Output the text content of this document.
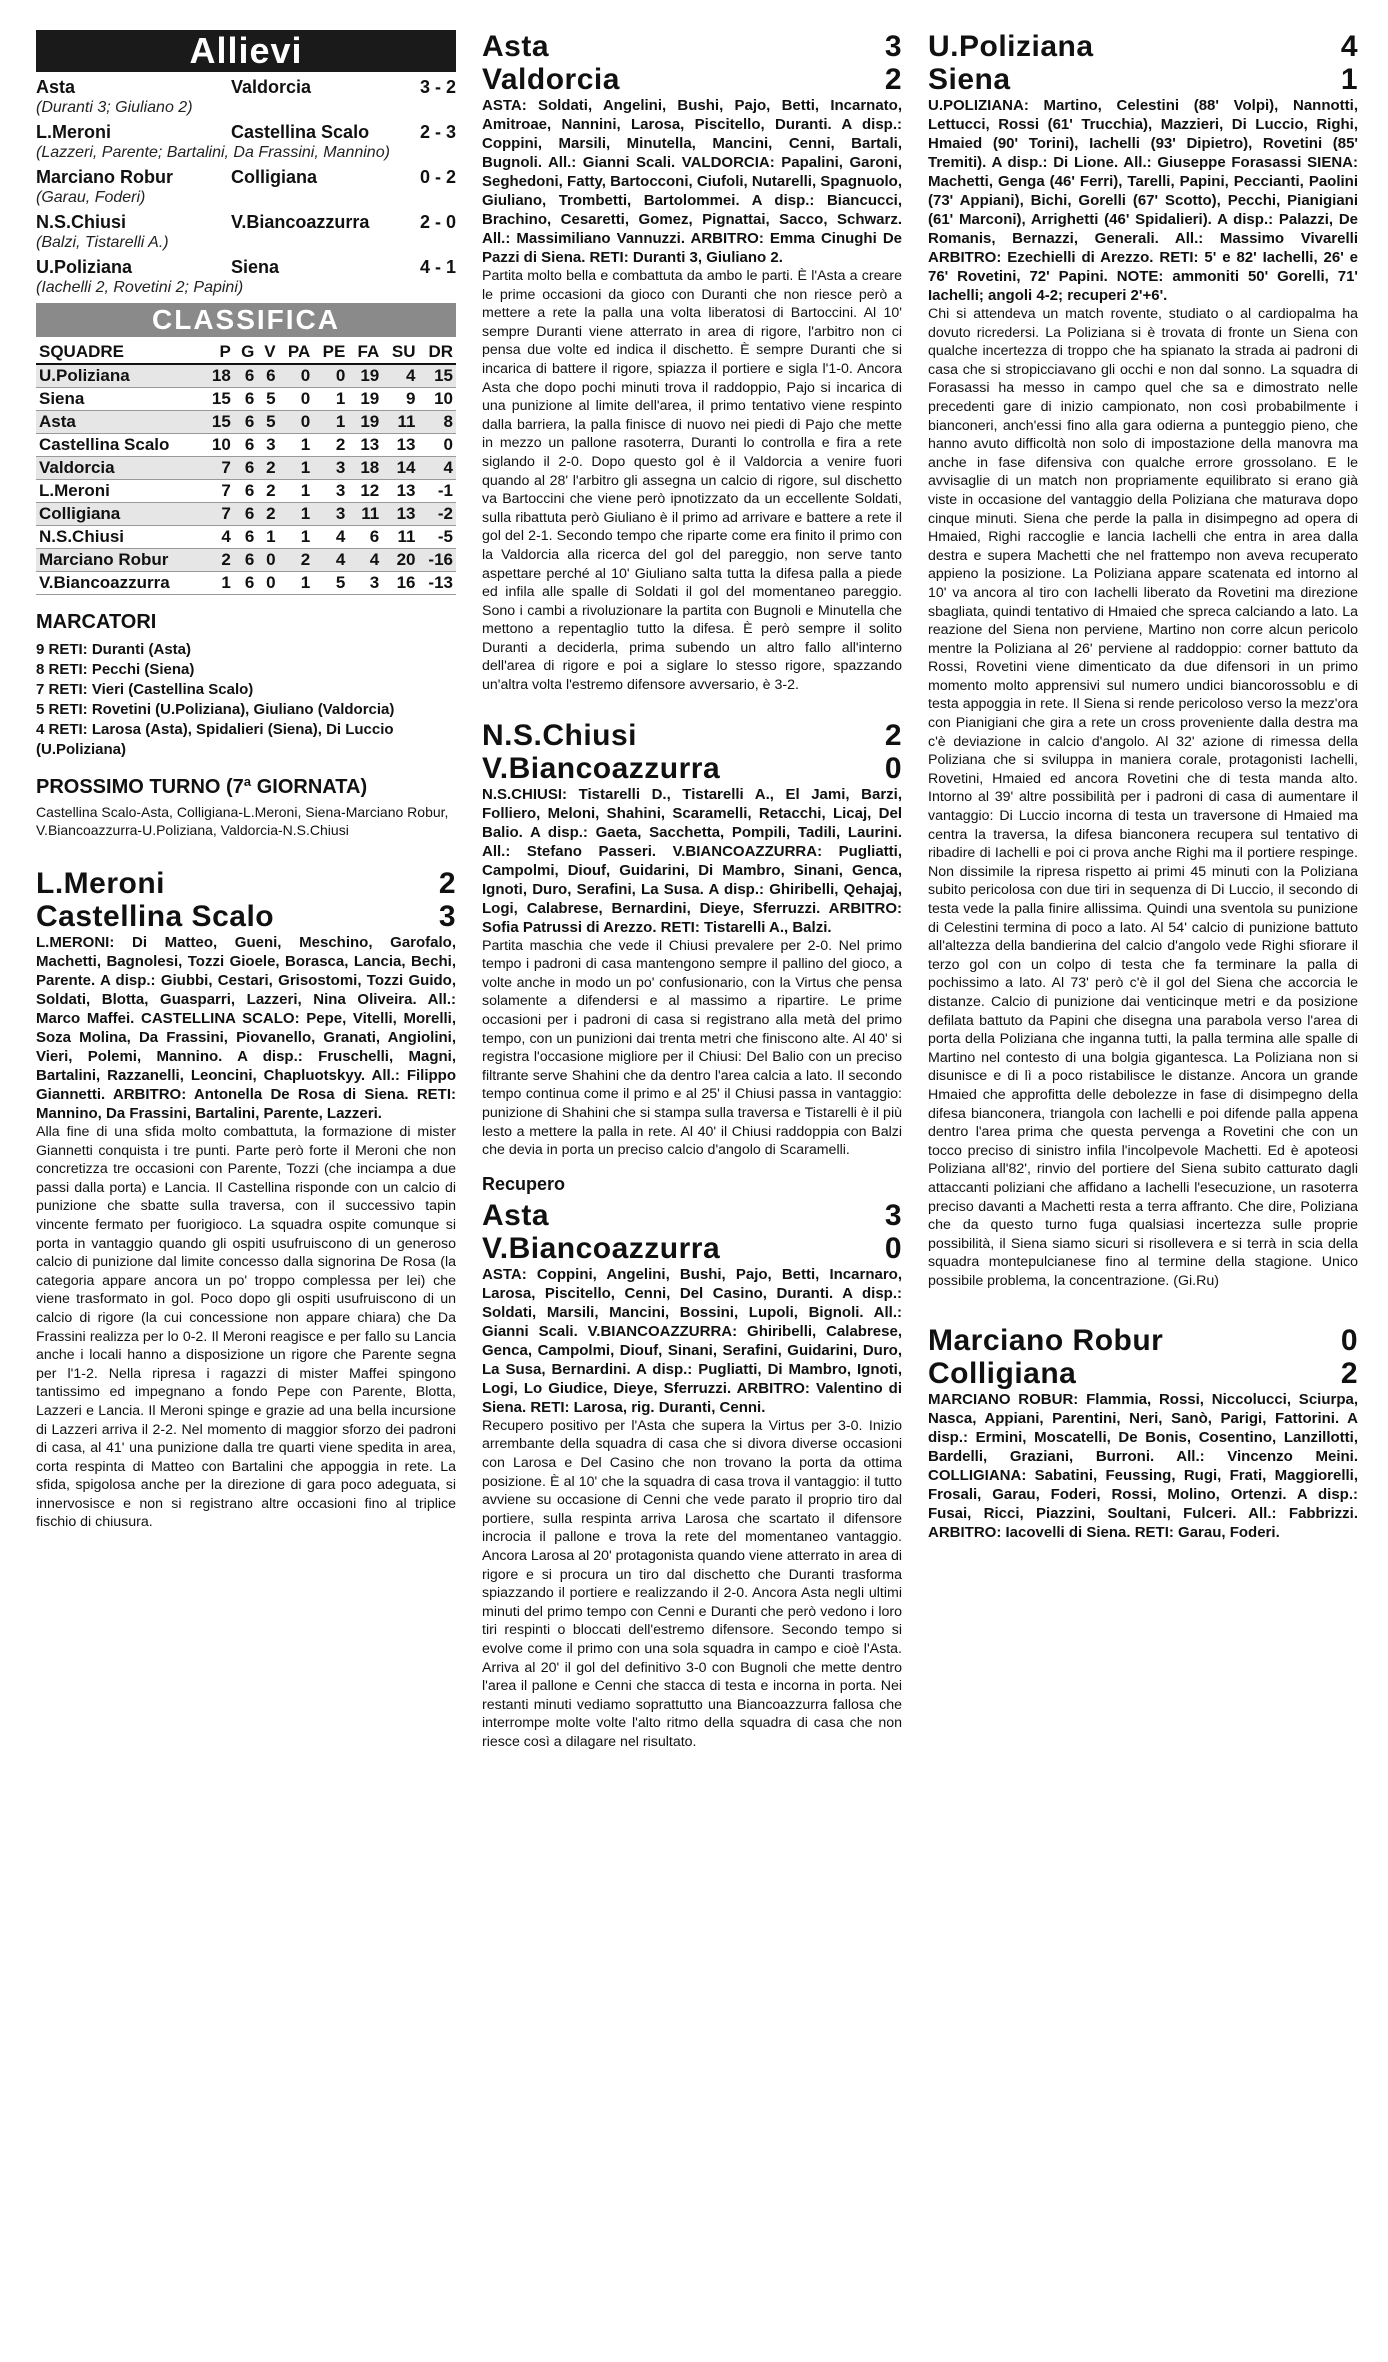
Allievi
Asta	Valdorcia	3 - 2
(Duranti 3; Giuliano 2)
L.Meroni	Castellina Scalo	2 - 3
(Lazzeri, Parente; Bartalini, Da Frassini, Mannino)
Marciano Robur	Colligiana	0 - 2
(Garau, Foderi)
N.S.Chiusi	V.Biancoazzurra	2 - 0
(Balzi, Tistarelli A.)
U.Poliziana	Siena	4 - 1
(Iachelli 2, Rovetini 2; Papini)
CLASSIFICA
SQUADRE	P	G	V	PA	PE	FA	SU	DR
U.Poliziana	18	6	6	0	0	19	4	15
Siena	15	6	5	0	1	19	9	10
Asta	15	6	5	0	1	19	11	8
Castellina Scalo	10	6	3	1	2	13	13	0
Valdorcia	7	6	2	1	3	18	14	4
L.Meroni	7	6	2	1	3	12	13	-1
Colligiana	7	6	2	1	3	11	13	-2
N.S.Chiusi	4	6	1	1	4	6	11	-5
Marciano Robur	2	6	0	2	4	4	20	-16
V.Biancoazzurra	1	6	0	1	5	3	16	-13
MARCATORI
9 RETI: Duranti (Asta)
8 RETI: Pecchi (Siena)
7 RETI: Vieri (Castellina Scalo)
5 RETI: Rovetini (U.Poliziana), Giuliano (Valdorcia)
4 RETI: Larosa (Asta), Spidalieri (Siena), Di Luccio (U.Poliziana)
PROSSIMO TURNO (7ª GIORNATA)
Castellina Scalo-Asta, Colligiana-L.Meroni, Siena-Marciano Robur, V.Biancoazzurra-U.Poliziana, Valdorcia-N.S.Chiusi
L.Meroni	2
Castellina Scalo	3
L.MERONI: Di Matteo, Gueni, Meschino, Garofalo, Machetti, Bagnolesi, Tozzi Gioele, Borasca, Lancia, Bechi, Parente. A disp.: Giubbi, Cestari, Grisostomi, Tozzi Guido, Soldati, Blotta, Guasparri, Lazzeri, Nina Oliveira. All.: Marco Maffei. CASTELLINA SCALO: Pepe, Vitelli, Morelli, Soza Molina, Da Frassini, Piovanello, Granati, Angiolini, Vieri, Polemi, Mannino. A disp.: Fruschelli, Magni, Bartalini, Razzanelli, Leoncini, Chapluotskyy. All.: Filippo Giannetti. ARBITRO: Antonella De Rosa di Siena. RETI: Mannino, Da Frassini, Bartalini, Parente, Lazzeri.
Alla fine di una sfida molto combattuta, la formazione di mister Giannetti conquista i tre punti. Parte però forte il Meroni che non concretizza tre occasioni con Parente, Tozzi (che inciampa a due passi dalla porta) e Lancia. Il Castellina risponde con un calcio di punizione che sbatte sulla traversa, con il successivo tapin vincente fermato per fuorigioco. La squadra ospite comunque si porta in vantaggio quando gli ospiti usufruiscono di un generoso calcio di punizione dal limite concesso dalla signorina De Rosa (la categoria appare ancora un po' troppo complessa per lei) che viene trasformato in gol. Poco dopo gli ospiti usufruiscono di un calcio di rigore (la cui concessione non appare chiara) che Da Frassini realizza per lo 0-2. Il Meroni reagisce e per fallo su Lancia anche i locali hanno a disposizione un rigore che Parente segna per l'1-2. Nella ripresa i ragazzi di mister Maffei spingono tantissimo ed impegnano a fondo Pepe con Parente, Blotta, Lazzeri e Lancia. Il Meroni spinge e grazie ad una bella incursione di Lazzeri arriva il 2-2. Nel momento di maggior sforzo dei padroni di casa, al 41' una punizione dalla tre quarti viene spedita in area, corta respinta di Matteo con Bartalini che appoggia in rete. La sfida, spigolosa anche per la direzione di gara poco adeguata, si innervosisce e non si registrano altre occasioni fino al triplice fischio di chiusura.
Asta	3
Valdorcia	2
ASTA: Soldati, Angelini, Bushi, Pajo, Betti, Incarnato, Amitroae, Nannini, Larosa, Piscitello, Duranti. A disp.: Coppini, Marsili, Minutella, Mancini, Cenni, Bartali, Bugnoli. All.: Gianni Scali. VALDORCIA: Papalini, Garoni, Seghedoni, Fatty, Bartocconi, Ciufoli, Nutarelli, Spagnuolo, Giuliano, Trombetti, Bartolommei. A disp.: Biancucci, Brachino, Cesaretti, Gomez, Pignattai, Sacco, Schwarz. All.: Massimiliano Vannuzzi. ARBITRO: Emma Cinughi De Pazzi di Siena. RETI: Duranti 3, Giuliano 2.
Partita molto bella e combattuta da ambo le parti. È l'Asta a creare le prime occasioni da gioco con Duranti che non riesce però a mettere a rete la palla una volta liberatosi di Bartoccini. Al 10' sempre Duranti viene atterrato in area di rigore, l'arbitro non ci pensa due volte ed indica il dischetto. È sempre Duranti che si incarica di battere il rigore, spiazza il portiere e sigla l'1-0. Ancora Asta che dopo pochi minuti trova il raddoppio, Pajo si incarica di una punizione al limite dell'area, il primo tentativo viene respinto dalla barriera, la palla finisce di nuovo nei piedi di Pajo che mette in mezzo un pallone rasoterra, Duranti lo controlla e fira a rete siglando il 2-0. Dopo questo gol è il Valdorcia a venire fuori quando al 28' l'arbitro gli assegna un calcio di rigore, sul dischetto va Bartoccini che viene però ipnotizzato da un eccellente Soldati, sulla ribattuta però Giuliano è il primo ad arrivare e battere a rete il gol del 2-1. Secondo tempo che riparte come era finito il primo con la Valdorcia alla ricerca del gol del pareggio, non serve tanto aspettare perché al 10' Giuliano salta tutta la difesa palla a piede ed infila alle spalle di Soldati il gol del momentaneo pareggio. Sono i cambi a rivoluzionare la partita con Bugnoli e Minutella che mettono a repentaglio tutto la difesa. È però sempre il solito Duranti a deciderla, prima subendo un altro fallo all'interno dell'area di rigore e poi a siglare lo stesso rigore, spazzando un'altra volta l'estremo difensore avversario, è 3-2.
N.S.Chiusi	2
V.Biancoazzurra	0
N.S.CHIUSI: Tistarelli D., Tistarelli A., El Jami, Barzi, Folliero, Meloni, Shahini, Scaramelli, Retacchi, Licaj, Del Balio. A disp.: Gaeta, Sacchetta, Pompili, Tadili, Laurini. All.: Stefano Passeri. V.BIANCOAZZURRA: Pugliatti, Campolmi, Diouf, Guidarini, Di Mambro, Sinani, Genca, Ignoti, Duro, Serafini, La Susa. A disp.: Ghiribelli, Qehajaj, Logi, Calabrese, Bernardini, Dieye, Sferruzzi. ARBITRO: Sofia Patrussi di Arezzo. RETI: Tistarelli A., Balzi.
Partita maschia che vede il Chiusi prevalere per 2-0. Nel primo tempo i padroni di casa mantengono sempre il pallino del gioco, a volte anche in modo un po' confusionario, con la Virtus che pensa solamente a difendersi e al massimo a ripartire. Le prime occasioni per i padroni di casa si registrano alla metà del primo tempo, con un punizioni dai trenta metri che finiscono alte. Al 40' si registra l'occasione migliore per il Chiusi: Del Balio con un preciso filtrante serve Shahini che da dentro l'area calcia a lato. Il secondo tempo continua come il primo e al 25' il Chiusi passa in vantaggio: punizione di Shahini che si stampa sulla traversa e Tistarelli è il più lesto a mettere la palla in rete. Al 40' il Chiusi raddoppia con Balzi che devia in porta un preciso calcio d'angolo di Scaramelli.
Recupero
Asta	3
V.Biancoazzurra	0
ASTA: Coppini, Angelini, Bushi, Pajo, Betti, Incarnaro, Larosa, Piscitello, Cenni, Del Casino, Duranti. A disp.: Soldati, Marsili, Mancini, Bossini, Lupoli, Bignoli. All.: Gianni Scali. V.BIANCOAZZURRA: Ghiribelli, Calabrese, Genca, Campolmi, Diouf, Sinani, Serafini, Guidarini, Duro, La Susa, Bernardini. A disp.: Pugliatti, Di Mambro, Ignoti, Logi, Lo Giudice, Dieye, Sferruzzi. ARBITRO: Valentino di Siena. RETI: Larosa, rig. Duranti, Cenni.
Recupero positivo per l'Asta che supera la Virtus per 3-0. Inizio arrembante della squadra di casa che si divora diverse occasioni con Larosa e Del Casino che non trovano la porta da ottima posizione. È al 10' che la squadra di casa trova il vantaggio: il tutto avviene su occasione di Cenni che vede parato il proprio tiro dal portiere, sulla respinta arriva Larosa che scartato il difensore incrocia il pallone e trova la rete del momentaneo vantaggio. Ancora Larosa al 20' protagonista quando viene atterrato in area di rigore e si procura un tiro dal dischetto che Duranti trasforma spiazzando il portiere e realizzando il 2-0. Ancora Asta negli ultimi minuti del primo tempo con Cenni e Duranti che però vedono i loro tiri respinti o bloccati dell'estremo difensore. Secondo tempo si evolve come il primo con una sola squadra in campo e cioè l'Asta. Arriva al 20' il gol del definitivo 3-0 con Bugnoli che mette dentro l'area il pallone e Cenni che stacca di testa e incorna in porta. Nei restanti minuti vediamo soprattutto una Biancoazzurra fallosa che interrompe molte volte l'alto ritmo della squadra di casa che non riesce così a dilagare nel risultato.
U.Poliziana	4
Siena	1
U.POLIZIANA: Martino, Celestini (88' Volpi), Nannotti, Lettucci, Rossi (61' Trucchia), Mazzieri, Di Luccio, Righi, Hmaied (90' Torini), Iachelli (93' Dipietro), Rovetini (85' Tremiti). A disp.: Di Lione. All.: Giuseppe Forasassi SIENA: Machetti, Genga (46' Ferri), Tarelli, Papini, Peccianti, Paolini (73' Appiani), Bichi, Gorelli (67' Scotto), Pecchi, Pianigiani (61' Marconi), Arrighetti (46' Spidalieri). A disp.: Palazzi, De Romanis, Bernazzi, Generali. All.: Massimo Vivarelli ARBITRO: Ezechielli di Arezzo. RETI: 5' e 82' Iachelli, 26' e 76' Rovetini, 72' Papini. NOTE: ammoniti 50' Gorelli, 71' Iachelli; angoli 4-2; recuperi 2'+6'.
Chi si attendeva un match rovente, studiato o al cardiopalma ha dovuto ricredersi. La Poliziana si è trovata di fronte un Siena con qualche incertezza di troppo che ha spianato la strada ai padroni di casa che si stropicciavano gli occhi e non dal sonno. La squadra di Forasassi ha messo in campo quel che sa e dimostrato nelle precedenti gare di inizio campionato, non così probabilmente i bianconeri, anch'essi fino alla gara odierna a punteggio pieno, che hanno avuto difficoltà non solo di impostazione della manovra ma anche in fase difensiva con qualche errore grossolano. E le avvisaglie di un match non propriamente equilibrato si erano già viste in occasione del vantaggio della Poliziana che maturava dopo cinque minuti. Siena che perde la palla in disimpegno ad opera di Hmaied, Righi raccoglie e lancia Iachelli che entra in area dalla destra e supera Machetti che nel frattempo non aveva recuperato appieno la posizione. La Poliziana appare scatenata ed intorno al 10' va ancora al tiro con Iachelli liberato da Rovetini ma direzione sbagliata, quindi tentativo di Hmaied che spreca calciando a lato. La reazione del Siena non perviene, Martino non corre alcun pericolo mentre la Poliziana al 26' perviene al raddoppio: corner battuto da Rossi, Rovetini viene dimenticato da due difensori in un primo momento molto apprensivi sul numero undici biancorossoblu e di testa appoggia in rete. Il Siena si rende pericoloso verso la mezz'ora con Pianigiani che gira a rete un cross proveniente dalla destra ma c'è deviazione in calcio d'angolo. Al 32' azione di rimessa della Poliziana che si sviluppa in maniera corale, protagonisti Iachelli, Rovetini, Hmaied ed ancora Rovetini che di testa manda alto. Intorno al 39' altre possibilità per i padroni di casa di aumentare il vantaggio: Di Luccio incorna di testa un traversone di Hmaied ma centra la traversa, la difesa bianconera recupera sul tentativo di ribadire di Iachelli e poi ci prova anche Righi ma il portiere respinge. Non dissimile la ripresa rispetto ai primi 45 minuti con la Poliziana subito pericolosa con due tiri in sequenza di Di Luccio, il secondo di testa vede la palla finire allissima. Quindi una sventola su punizione di Celestini termina di poco a lato. Al 54' calcio di punizione battuto all'altezza della bandierina del calcio d'angolo vede Righi sfiorare il terzo gol con un colpo di testa che fa terminare la palla di pochissimo a lato. Al 73' però c'è il gol del Siena che accorcia le distanze. Calcio di punizione dai venticinque metri e da posizione defilata battuto da Papini che disegna una parabola verso l'area di porta della Poliziana che inganna tutti, la palla termina alle spalle di Martino nel contesto di una bolgia gigantesca. La Poliziana non si disunisce e di lì a poco ristabilisce le distanze. Ancora un grande Hmaied che approfitta delle debolezze in fase di disimpegno della difesa bianconera, triangola con Iachelli e poi difende palla appena dentro l'area prima che questa pervenga a Rovetini che con un tocco preciso di sinistro infila l'incolpevole Machetti. Ed è apoteosi Poliziana all'82', rinvio del portiere del Siena subito catturato dagli attaccanti poliziani che affidano a Iachelli l'esecuzione, un rasoterra preciso davanti a Machetti resta a terra affranto. Che dire, Poliziana che da questo turno fuga qualsiasi incertezza sulle proprie possibilità, il Siena siamo sicuri si risollevera e si terrà in scia della squadra montepulcianese fino al termine della stagione. Unico possibile problema, la concentrazione. (Gi.Ru)
Marciano Robur	0
Colligiana	2
MARCIANO ROBUR: Flammia, Rossi, Niccolucci, Sciurpa, Nasca, Appiani, Parentini, Neri, Sanò, Parigi, Fattorini. A disp.: Ermini, Moscatelli, De Bonis, Cosentino, Lanzillotti, Bardelli, Graziani, Burroni. All.: Vincenzo Meini. COLLIGIANA: Sabatini, Feussing, Rugi, Frati, Maggiorelli, Frosali, Garau, Foderi, Rossi, Molino, Ortenzi. A disp.: Fusai, Ricci, Piazzini, Soultani, Fulceri. All.: Fabbrizzi. ARBITRO: Iacovelli di Siena. RETI: Garau, Foderi.
